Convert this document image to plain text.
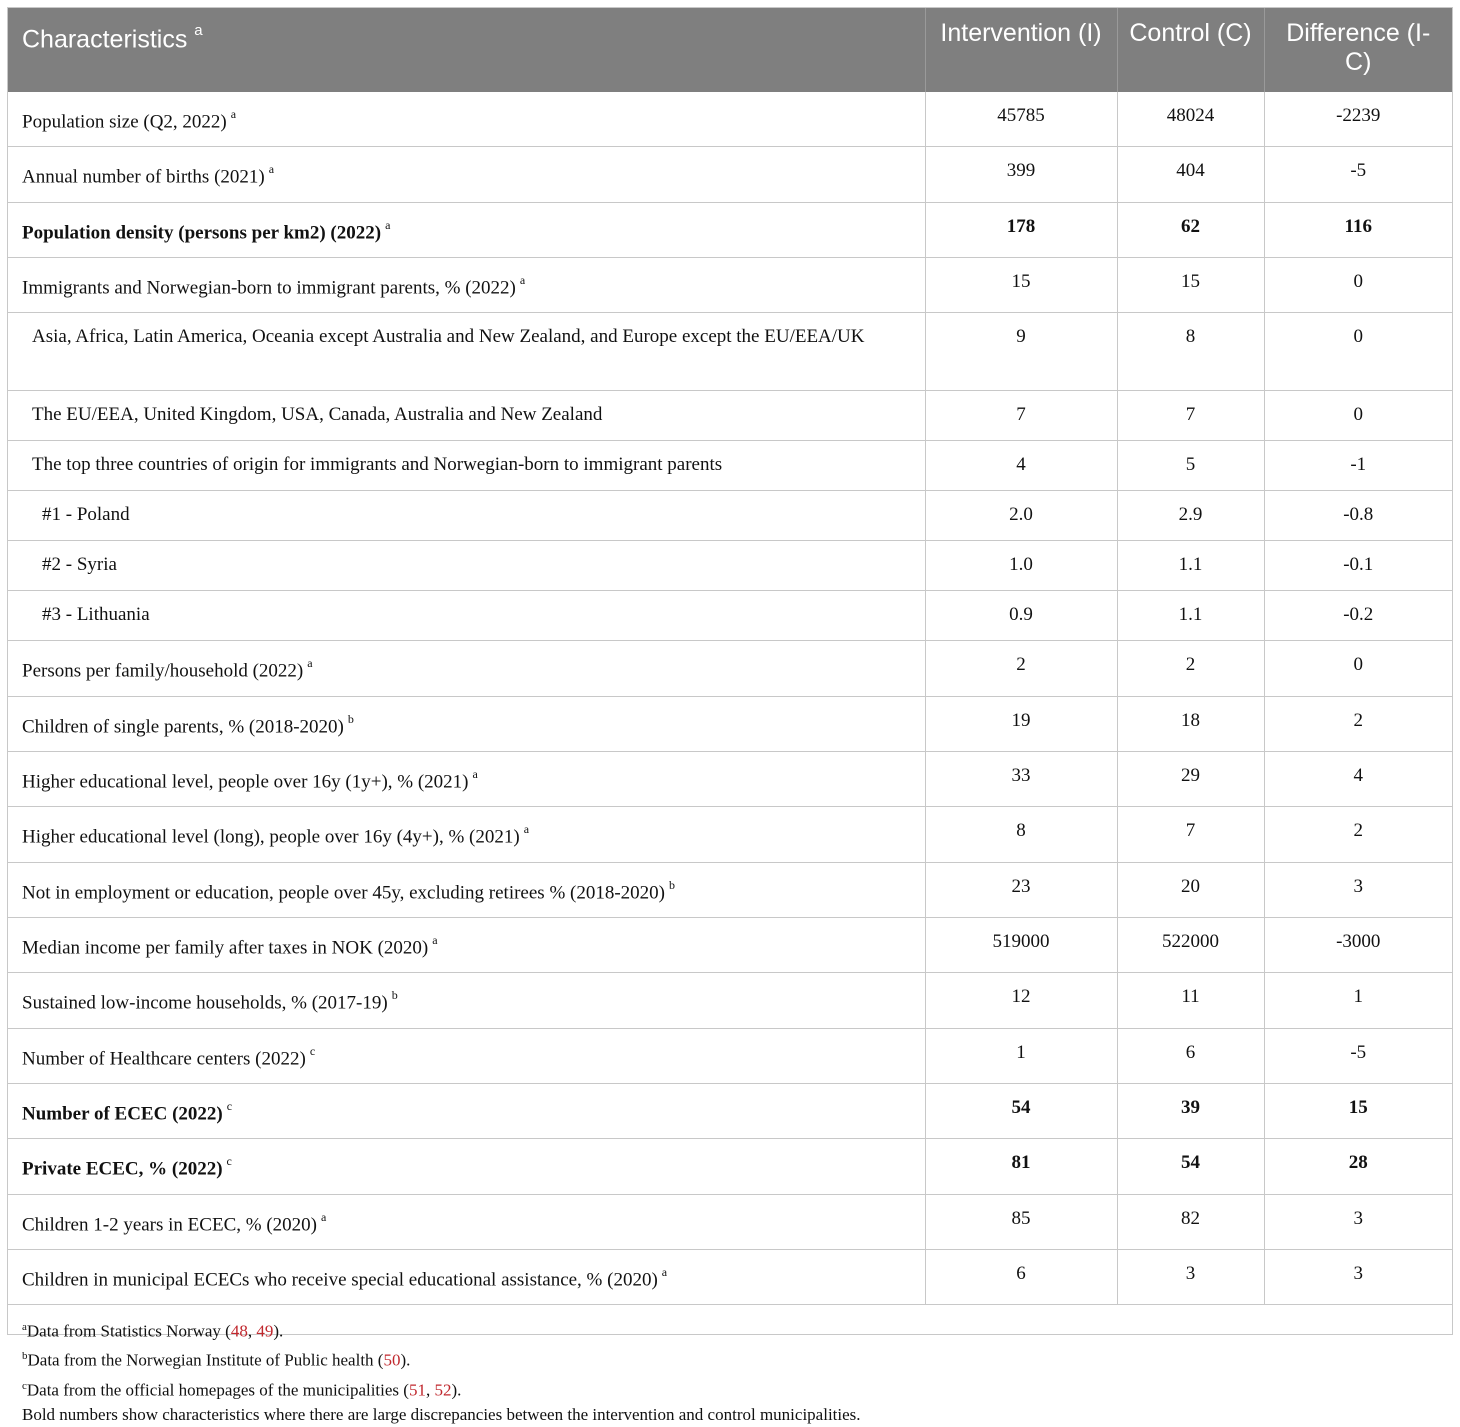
Characteristics $^a$	Intervention (I)	Control (C)	Difference (I-C)
Population size (Q2, 2022) $^a$	45785	48024	-2239
Annual number of births (2021) $^a$	399	404	-5
Population density (persons per km2) (2022) $^a$	178	62	116
Immigrants and Norwegian-born to immigrant parents, % (2022) $^a$	15	15	0
Asia, Africa, Latin America, Oceania except Australia and New Zealand, and Europe except the EU/EEA/UK	9	8	0
The EU/EEA, United Kingdom, USA, Canada, Australia and New Zealand	7	7	0
The top three countries of origin for immigrants and Norwegian-born to immigrant parents	4	5	-1
#1 - Poland	2.0	2.9	-0.8
#2 - Syria	1.0	1.1	-0.1
#3 - Lithuania	0.9	1.1	-0.2
Persons per family/household (2022) $^a$	2	2	0
Children of single parents, % (2018-2020) $^b$	19	18	2
Higher educational level, people over 16y (1y+), % (2021) $^a$	33	29	4
Higher educational level (long), people over 16y (4y+), % (2021) $^a$	8	7	2
Not in employment or education, people over 45y, excluding retirees % (2018-2020) $^b$	23	20	3
Median income per family after taxes in NOK (2020) $^a$	519000	522000	-3000
Sustained low-income households, % (2017-19) $^b$	12	11	1
Number of Healthcare centers (2022) $^c$	1	6	-5
Number of ECEC (2022) $^c$	54	39	15
Private ECEC, % (2022) $^c$	81	54	28
Children 1-2 years in ECEC, % (2020) $^a$	85	82	3
Children in municipal ECECs who receive special educational assistance, % (2020) $^a$	6	3	3
$^a$Data from Statistics Norway (48, 49).
$^b$Data from the Norwegian Institute of Public health (50).
$^c$Data from the official homepages of the municipalities (51, 52).
Bold numbers show characteristics where there are large discrepancies between the intervention and control municipalities.
